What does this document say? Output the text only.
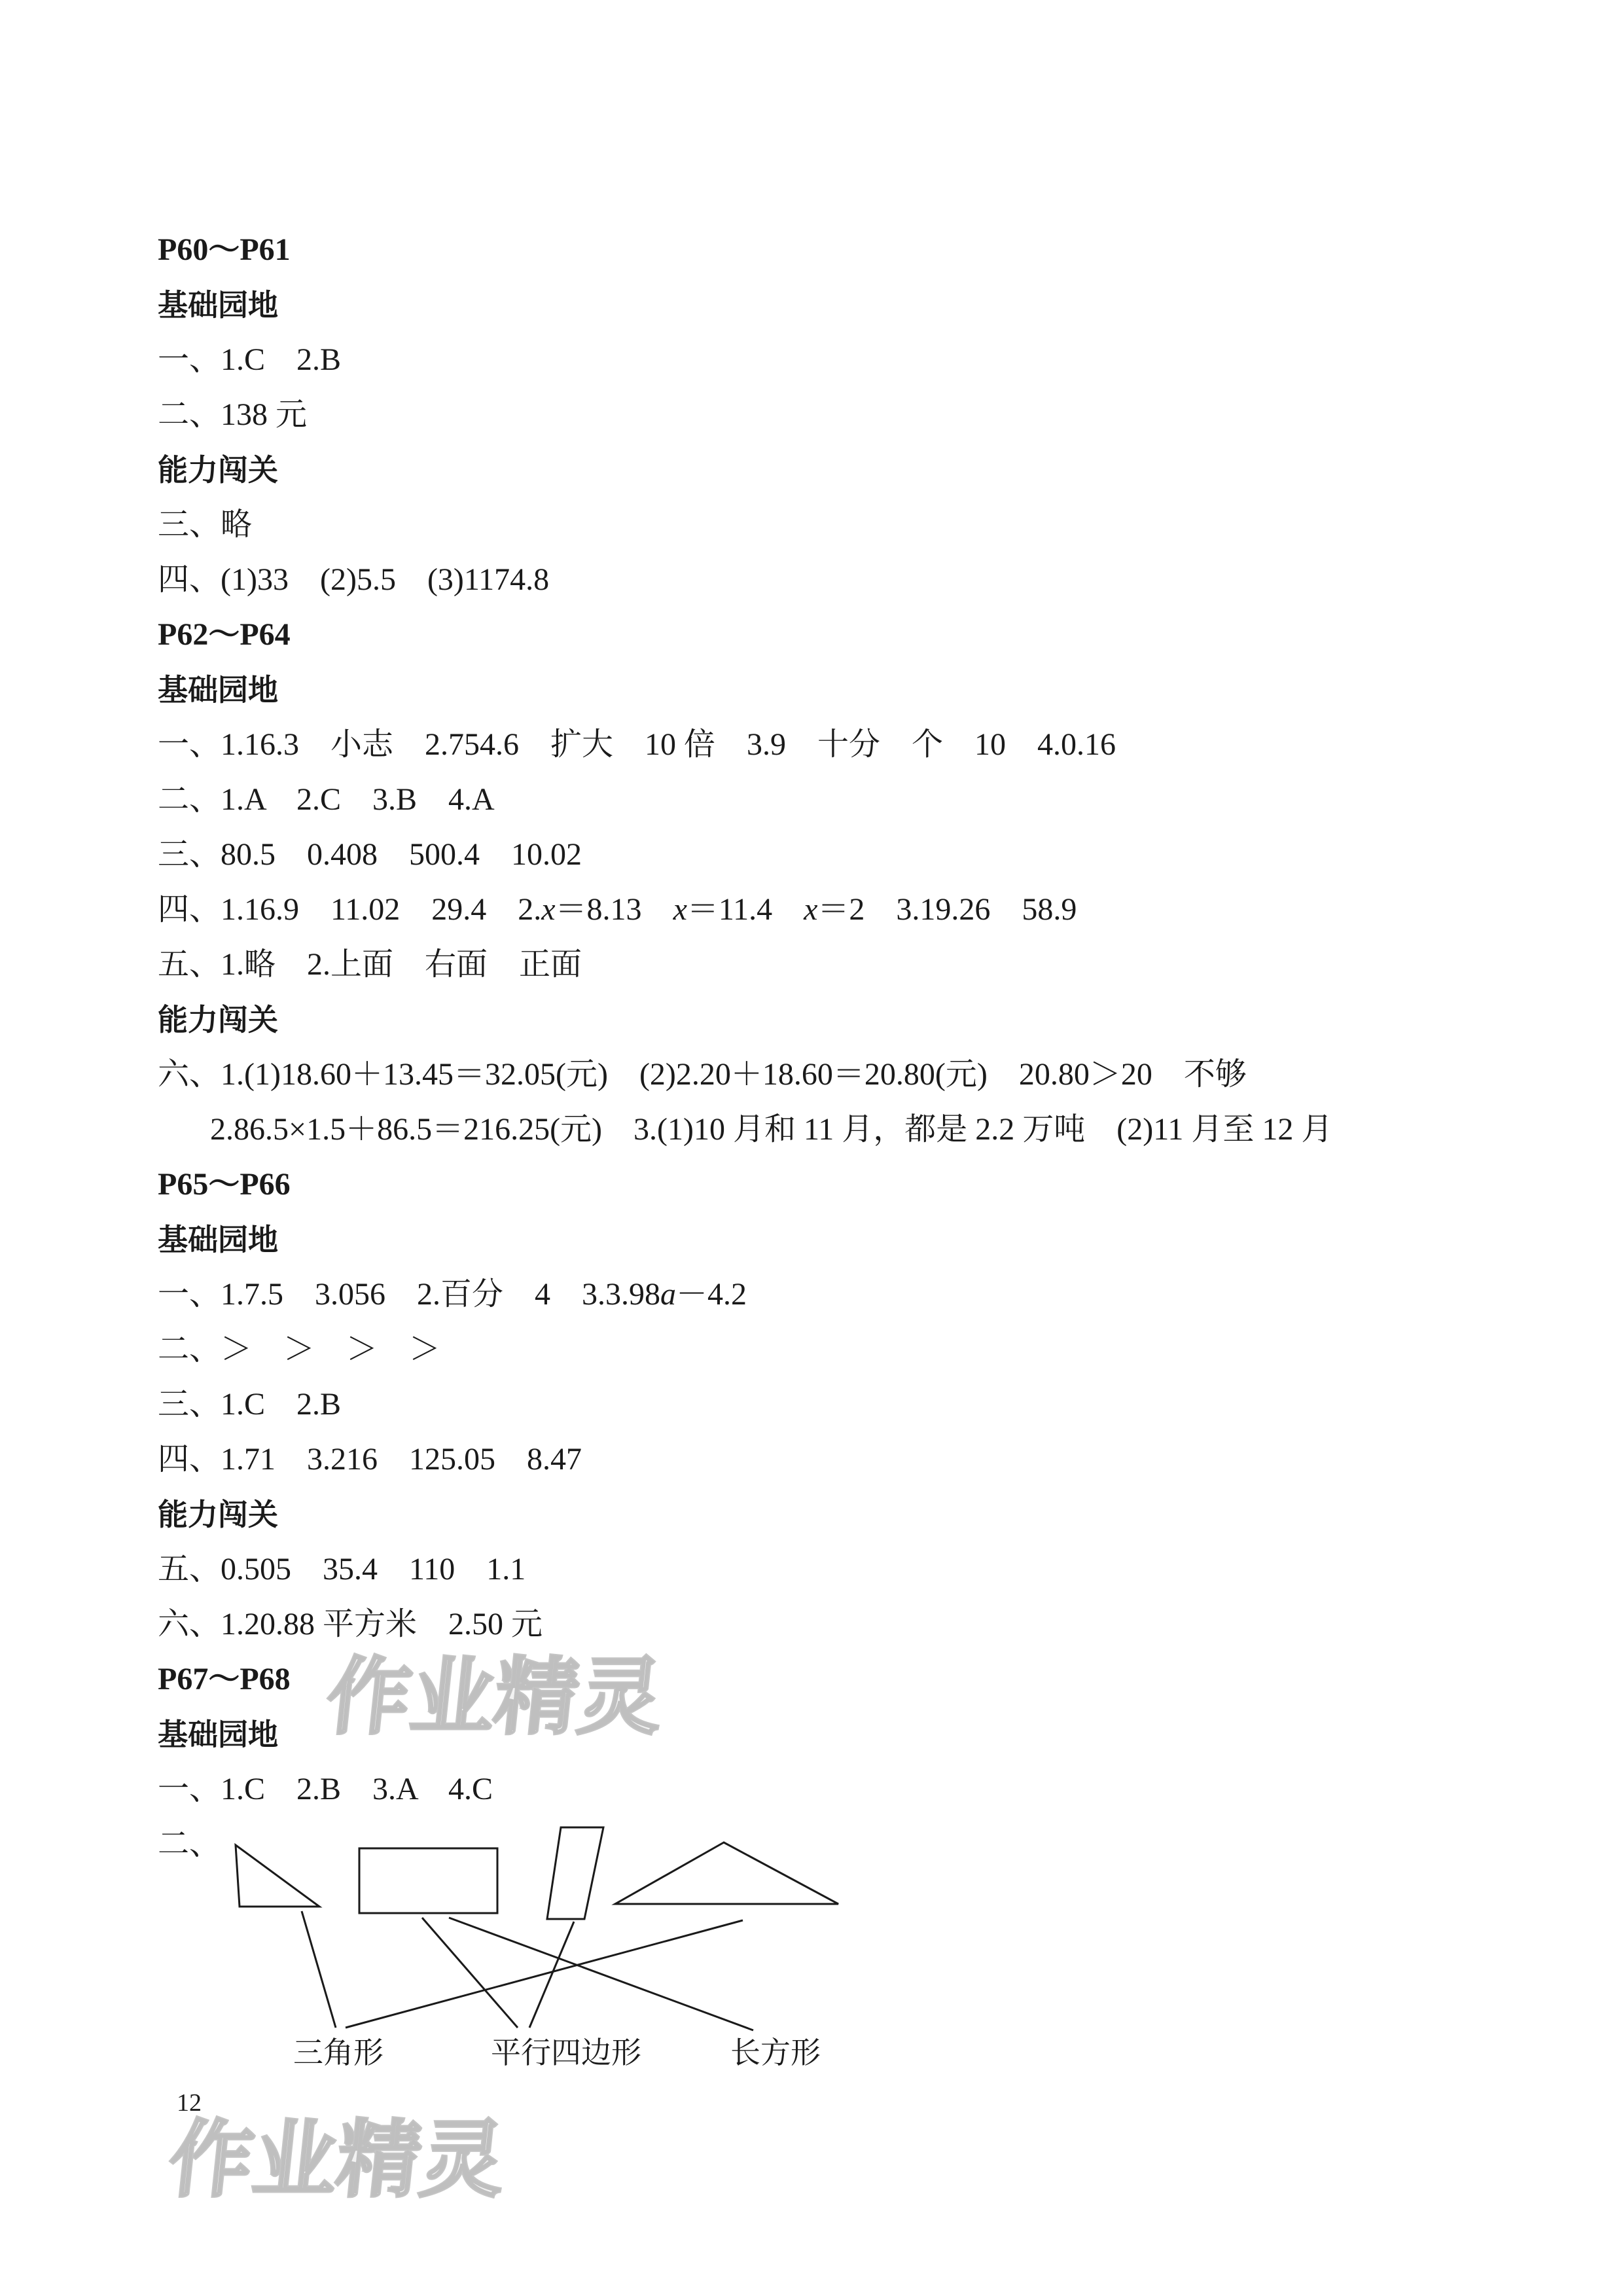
作业精灵
作业精灵
P60～P61
基础园地
一、1.C　2.B
二、138 元
能力闯关
三、略
四、(1)33　(2)5.5　(3)1174.8
P62～P64
基础园地
一、1.16.3　小志　2.754.6　扩大　10 倍　3.9　十分　个　10　4.0.16
二、1.A　2.C　3.B　4.A
三、80.5　0.408　500.4　10.02
四、1.16.9　11.02　29.4　2.x＝8.13　x＝11.4　x＝2　3.19.26　58.9
五、1.略　2.上面　右面　正面
能力闯关
六、1.(1)18.60＋13.45＝32.05(元)　(2)2.20＋18.60＝20.80(元)　20.80＞20　不够
2.86.5×1.5＋86.5＝216.25(元)　3.(1)10 月和 11 月，都是 2.2 万吨　(2)11 月至 12 月
P65～P66
基础园地
一、1.7.5　3.056　2.百分　4　3.3.98a－4.2
二、＞　＞　＞　＞
三、1.C　2.B
四、1.71　3.216　125.05　8.47
能力闯关
五、0.505　35.4　110　1.1
六、1.20.88 平方米　2.50 元
P67～P68
基础园地
一、1.C　2.B　3.A　4.C
二、
三角形	平行四边形	长方形
12
